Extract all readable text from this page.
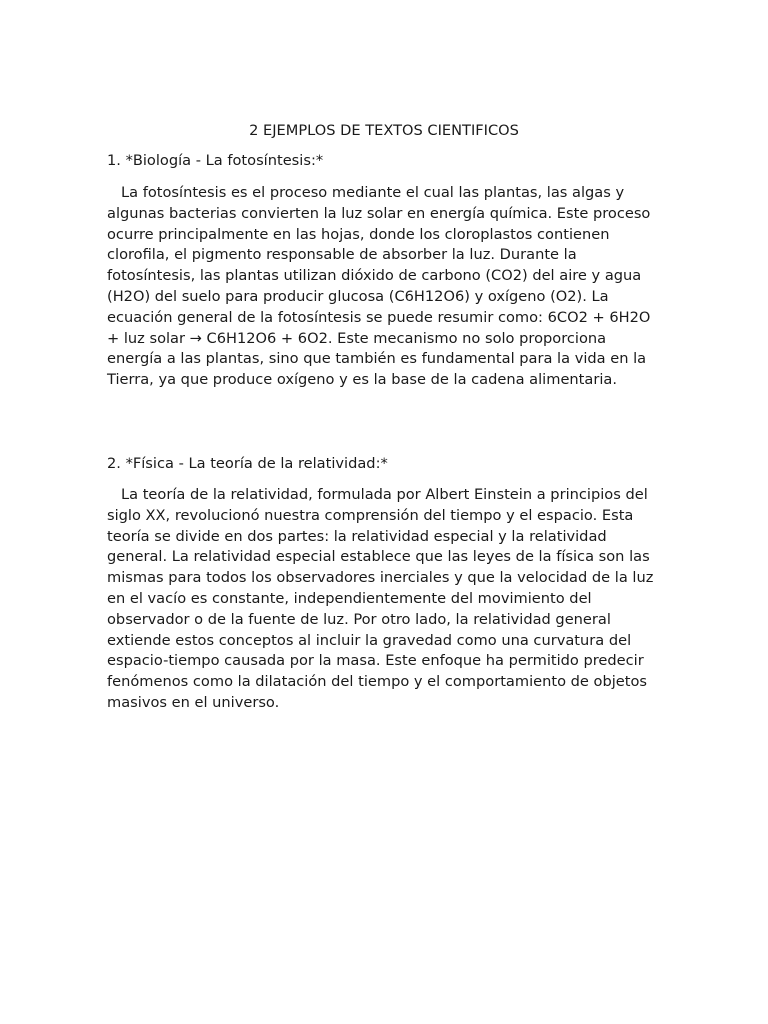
2 EJEMPLOS DE TEXTOS CIENTIFICOS
1. *Biología - La fotosíntesis:*

La fotosíntesis es el proceso mediante el cual las plantas, las algas y algunas bacterias convierten la luz solar en energía química. Este proceso ocurre principalmente en las hojas, donde los cloroplastos contienen clorofila, el pigmento responsable de absorber la luz. Durante la fotosíntesis, las plantas utilizan dióxido de carbono (CO2) del aire y agua (H2O) del suelo para producir glucosa (C6H12O6) y oxígeno (O2). La ecuación general de la fotosíntesis se puede resumir como: 6CO2 + 6H2O + luz solar → C6H12O6 + 6O2. Este mecanismo no solo proporciona energía a las plantas, sino que también es fundamental para la vida en la Tierra, ya que produce oxígeno y es la base de la cadena alimentaria.

2. *Física - La teoría de la relatividad:*

La teoría de la relatividad, formulada por Albert Einstein a principios del siglo XX, revolucionó nuestra comprensión del tiempo y el espacio. Esta teoría se divide en dos partes: la relatividad especial y la relatividad general. La relatividad especial establece que las leyes de la física son las mismas para todos los observadores inerciales y que la velocidad de la luz en el vacío es constante, independientemente del movimiento del observador o de la fuente de luz. Por otro lado, la relatividad general extiende estos conceptos al incluir la gravedad como una curvatura del espacio-tiempo causada por la masa. Este enfoque ha permitido predecir fenómenos como la dilatación del tiempo y el comportamiento de objetos masivos en el universo.
